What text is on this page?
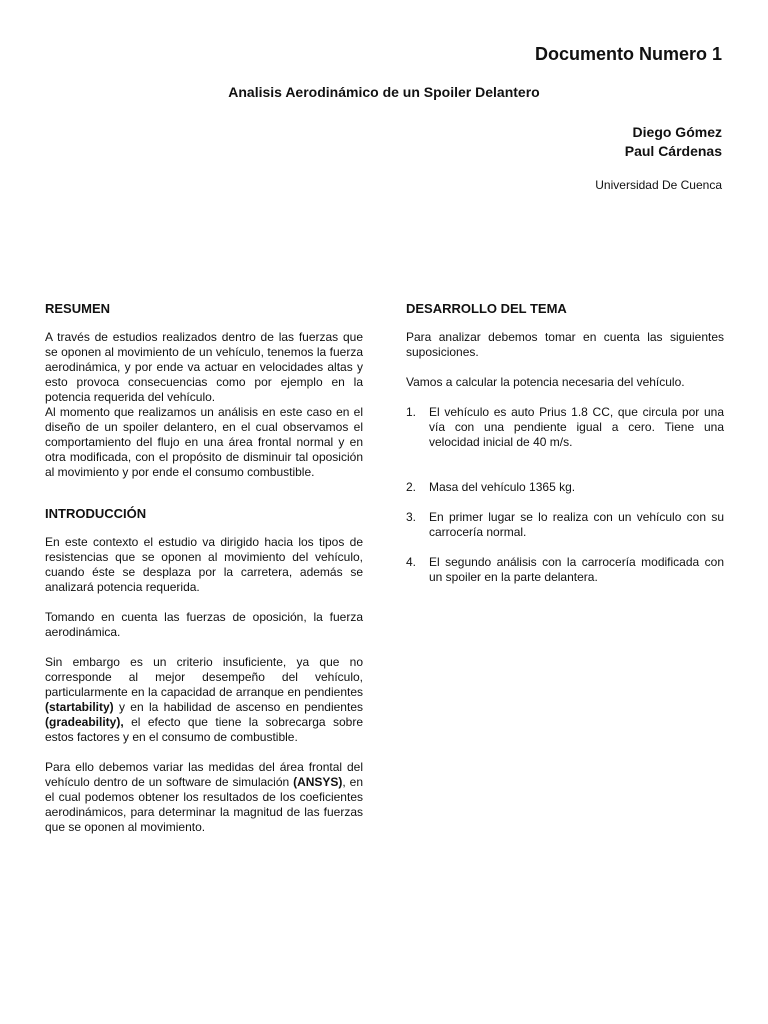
Documento Numero 1
Analisis Aerodinámico de un Spoiler Delantero
Diego Gómez
Paul Cárdenas
Universidad De Cuenca
RESUMEN

A través de estudios realizados dentro de las fuerzas que se oponen al movimiento de un vehículo, tenemos la fuerza aerodinámica, y por ende va actuar en velocidades altas y esto provoca consecuencias como por ejemplo en la potencia requerida del vehículo.

Al momento que realizamos un análisis en este caso en el diseño de un spoiler delantero, en el cual observamos el comportamiento del flujo en una área frontal normal y en otra modificada, con el propósito de disminuir tal oposición al movimiento y por ende el consumo combustible.

INTRODUCCIÓN

En este contexto el estudio va dirigido hacia los tipos de resistencias que se oponen al movimiento del vehículo, cuando éste se desplaza por la carretera, además se analizará potencia requerida.

Tomando en cuenta las fuerzas de oposición, la fuerza aerodinámica.

Sin embargo es un criterio insuficiente, ya que no corresponde al mejor desempeño del vehículo, particularmente en la capacidad de arranque en pendientes (startability) y en la habilidad de ascenso en pendientes (gradeability), el efecto que tiene la sobrecarga sobre estos factores y en el consumo de combustible.

Para ello debemos variar las medidas del área frontal del vehículo dentro de un software de simulación (ANSYS), en el cual podemos obtener los resultados de los coeficientes aerodinámicos, para determinar la magnitud de las fuerzas que se oponen al movimiento.

DESARROLLO DEL TEMA

Para analizar debemos tomar en cuenta las siguientes suposiciones.

Vamos a calcular la potencia necesaria del vehículo.

1. El vehículo es auto Prius 1.8 CC, que circula por una vía con una pendiente igual a cero. Tiene una velocidad inicial de 40 m/s.
2. Masa del vehículo 1365 kg.
3. En primer lugar se lo realiza con un vehículo con su carrocería normal.
4. El segundo análisis con la carrocería modificada con un spoiler en la parte delantera.
